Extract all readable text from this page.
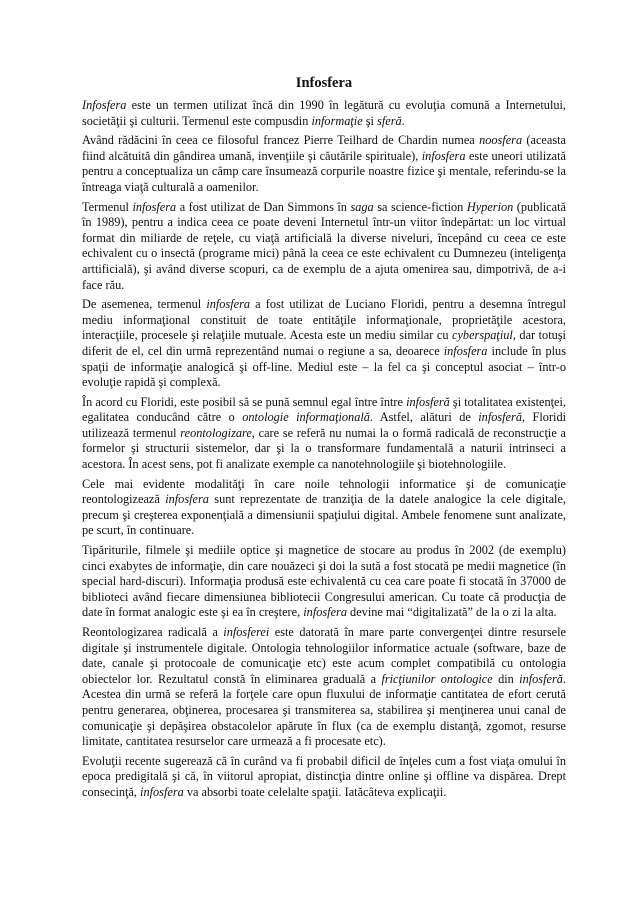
Infosfera

Infosfera este un termen utilizat încă din 1990 în legătură cu evoluţia comună a Internetului, societăţii şi culturii. Termenul este compusdin informaţie şi sferă.

Având rădăcini în ceea ce filosoful francez Pierre Teilhard de Chardin numea noosfera (aceasta fiind alcătuită din gândirea umană, invenţiile şi căutările spirituale), infosfera este uneori utilizată pentru a conceptualiza un câmp care însumează corpurile noastre fizice şi mentale, referindu-se la întreaga viaţă culturală a oamenilor.

Termenul infosfera a fost utilizat de Dan Simmons în saga sa science-fiction Hyperion (publicată în 1989), pentru a indica ceea ce poate deveni Internetul într-un viitor îndepărtat: un loc virtual format din miliarde de reţele, cu viaţă artificială la diverse niveluri, începând cu ceea ce este echivalent cu o insectă (programe mici) până la ceea ce este echivalent cu Dumnezeu (inteligenţa arttificială), şi având diverse scopuri, ca de exemplu de a ajuta omenirea sau, dimpotrivă, de a-i face rău.

De asemenea, termenul infosfera a fost utilizat de Luciano Floridi, pentru a desemna întregul mediu informaţional constituit de toate entităţile informaţionale, proprietăţile acestora, interacţiile, procesele şi relaţiile mutuale. Acesta este un mediu similar cu cyberspaţiul, dar totuşi diferit de el, cel din urmă reprezentând numai o regiune a sa, deoarece infosfera include în plus spaţii de informaţie analogică şi off-line. Mediul este – la fel ca şi conceptul asociat – într-o evoluţie rapidă şi complexă.

În acord cu Floridi, este posibil să se pună semnul egal între între infosferă şi totalitatea existenţei, egalitatea conducând către o ontologie informaţională. Astfel, alături de infosferă, Floridi utilizează termenul reontologizare, care se referă nu numai la o formă radicală de reconstrucţie a formelor şi structurii sistemelor, dar şi la o transformare fundamentală a naturii intrinseci a acestora. În acest sens, pot fi analizate exemple ca nanotehnologiile şi biotehnologiile.

Cele mai evidente modalităţi în care noile tehnologii informatice şi de comunicaţie reontologizează infosfera sunt reprezentate de tranziţia de la datele analogice la cele digitale, precum şi creşterea exponenţială a dimensiunii spaţiului digital. Ambele fenomene sunt analizate, pe scurt, în continuare.

Tipăriturile, filmele şi mediile optice şi magnetice de stocare au produs în 2002 (de exemplu) cinci exabytes de informaţie, din care nouăzeci şi doi la sută a fost stocată pe medii magnetice (în special hard-discuri). Informaţia produsă este echivalentă cu cea care poate fi stocată în 37000 de biblioteci având fiecare dimensiunea bibliotecii Congresului american. Cu toate că producţia de date în format analogic este şi ea în creştere, infosfera devine mai “digitalizată” de la o zi la alta.

Reontologizarea radicală a infosferei este datorată în mare parte convergenţei dintre resursele digitale şi instrumentele digitale. Ontologia tehnologiilor informatice actuale (software, baze de date, canale şi protocoale de comunicaţie etc) este acum complet compatibilă cu ontologia obiectelor lor. Rezultatul constă în eliminarea graduală a fricţiunilor ontologice din infosferă. Acestea din urmă se referă la forţele care opun fluxului de informaţie cantitatea de efort cerută pentru generarea, obţinerea, procesarea şi transmiterea sa, stabilirea şi menţinerea unui canal de comunicaţie şi depăşirea obstacolelor apărute în flux (ca de exemplu distanţă, zgomot, resurse limitate, cantitatea resurselor care urmează a fi procesate etc).

Evoluţii recente sugerează că în curând va fi probabil dificil de înţeles cum a fost viaţa omului în epoca predigitală şi că, în viitorul apropiat, distincţia dintre online şi offline va dispărea. Drept consecinţă, infosfera va absorbi toate celelalte spaţii. Iatăcâteva explicaţii.
